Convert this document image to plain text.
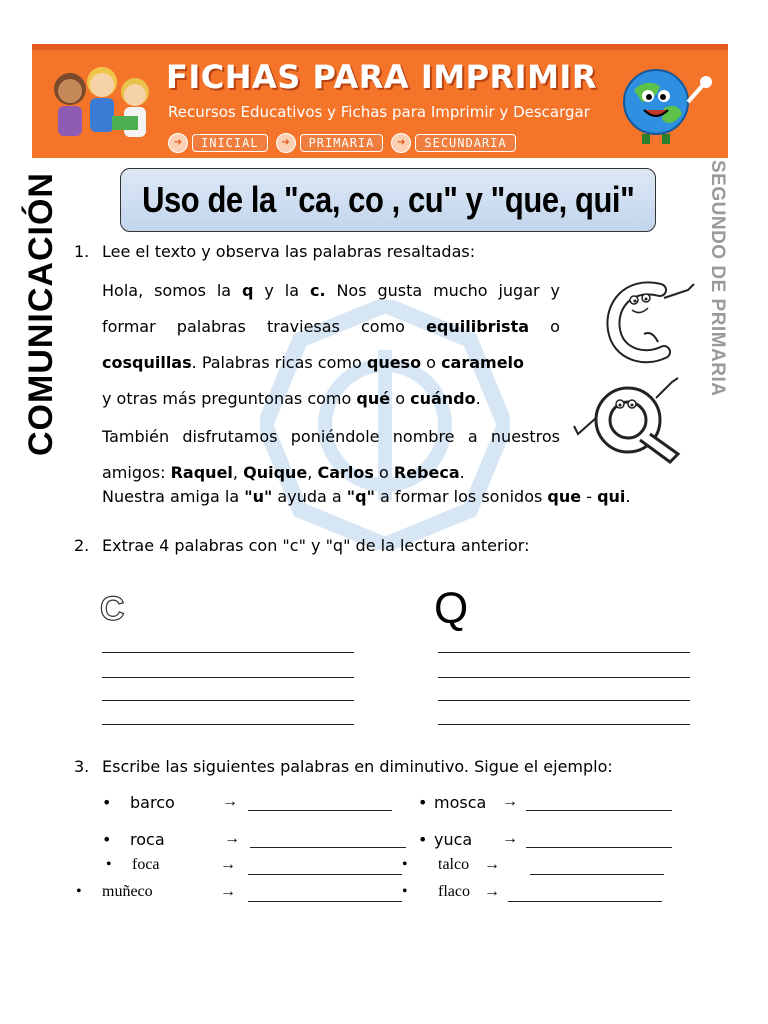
FICHAS PARA IMPRIMIR
Recursos Educativos y Fichas para Imprimir y Descargar
➜	INICIAL	➜	PRIMARIA	➜	SECUNDARIA
COMUNICACIÓN	SEGUNDO DE PRIMARIA
Uso de la "ca, co , cu" y "que, qui"
1. Lee el texto y observa las palabras resaltadas:
Hola, somos la q y la c. Nos gusta mucho jugar y
formar palabras traviesas como equilibrista o
cosquillas. Palabras ricas como queso o caramelo
y otras más preguntonas como qué o cuándo.
También disfrutamos poniéndole nombre a nuestros
amigos: Raquel, Quique, Carlos o Rebeca.
Nuestra amiga la "u" ayuda a "q" a formar los sonidos que - qui.
2. Extrae 4 palabras con "c" y "q" de la lectura anterior:
C	Q
3. Escribe las siguientes palabras en diminutivo. Sigue el ejemplo:
• barco	→	• mosca →
• roca	→	• yuca →
• foca	→	• talco →
• muñeco	→	• flaco →
